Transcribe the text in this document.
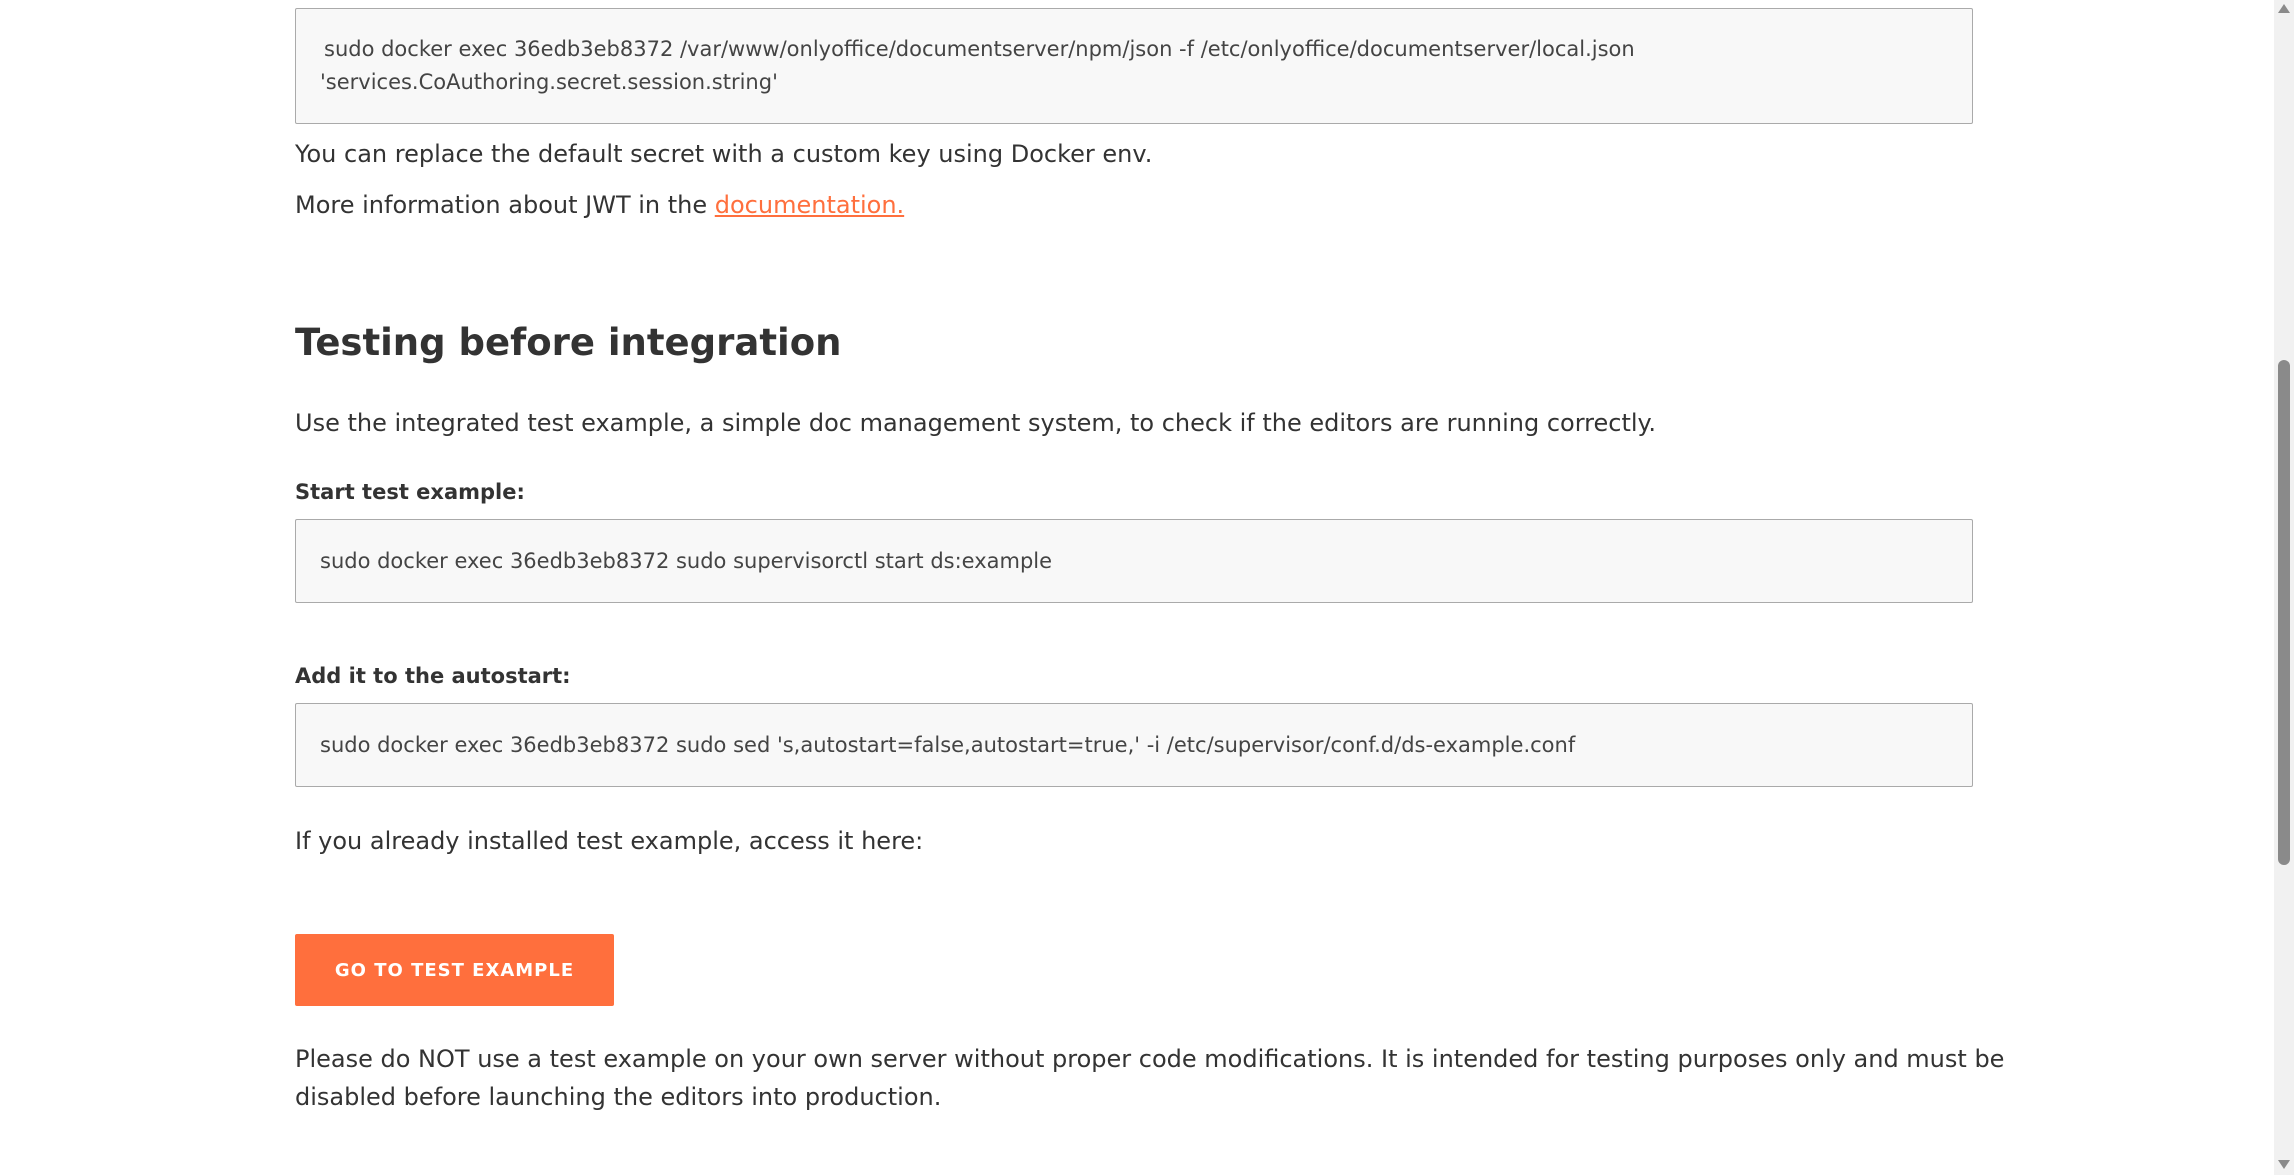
sudo docker exec 36edb3eb8372 /var/www/onlyoffice/documentserver/npm/json -f /etc/onlyoffice/documentserver/local.json
'services.CoAuthoring.secret.session.string'
You can replace the default secret with a custom key using Docker env.
More information about JWT in the documentation.
Testing before integration
Use the integrated test example, a simple doc management system, to check if the editors are running correctly.
Start test example:
sudo docker exec 36edb3eb8372 sudo supervisorctl start ds:example
Add it to the autostart:
sudo docker exec 36edb3eb8372 sudo sed 's,autostart=false,autostart=true,' -i /etc/supervisor/conf.d/ds-example.conf
If you already installed test example, access it here:
GO TO TEST EXAMPLE
Please do NOT use a test example on your own server without proper code modifications. It is intended for testing purposes only and must be
disabled before launching the editors into production.
